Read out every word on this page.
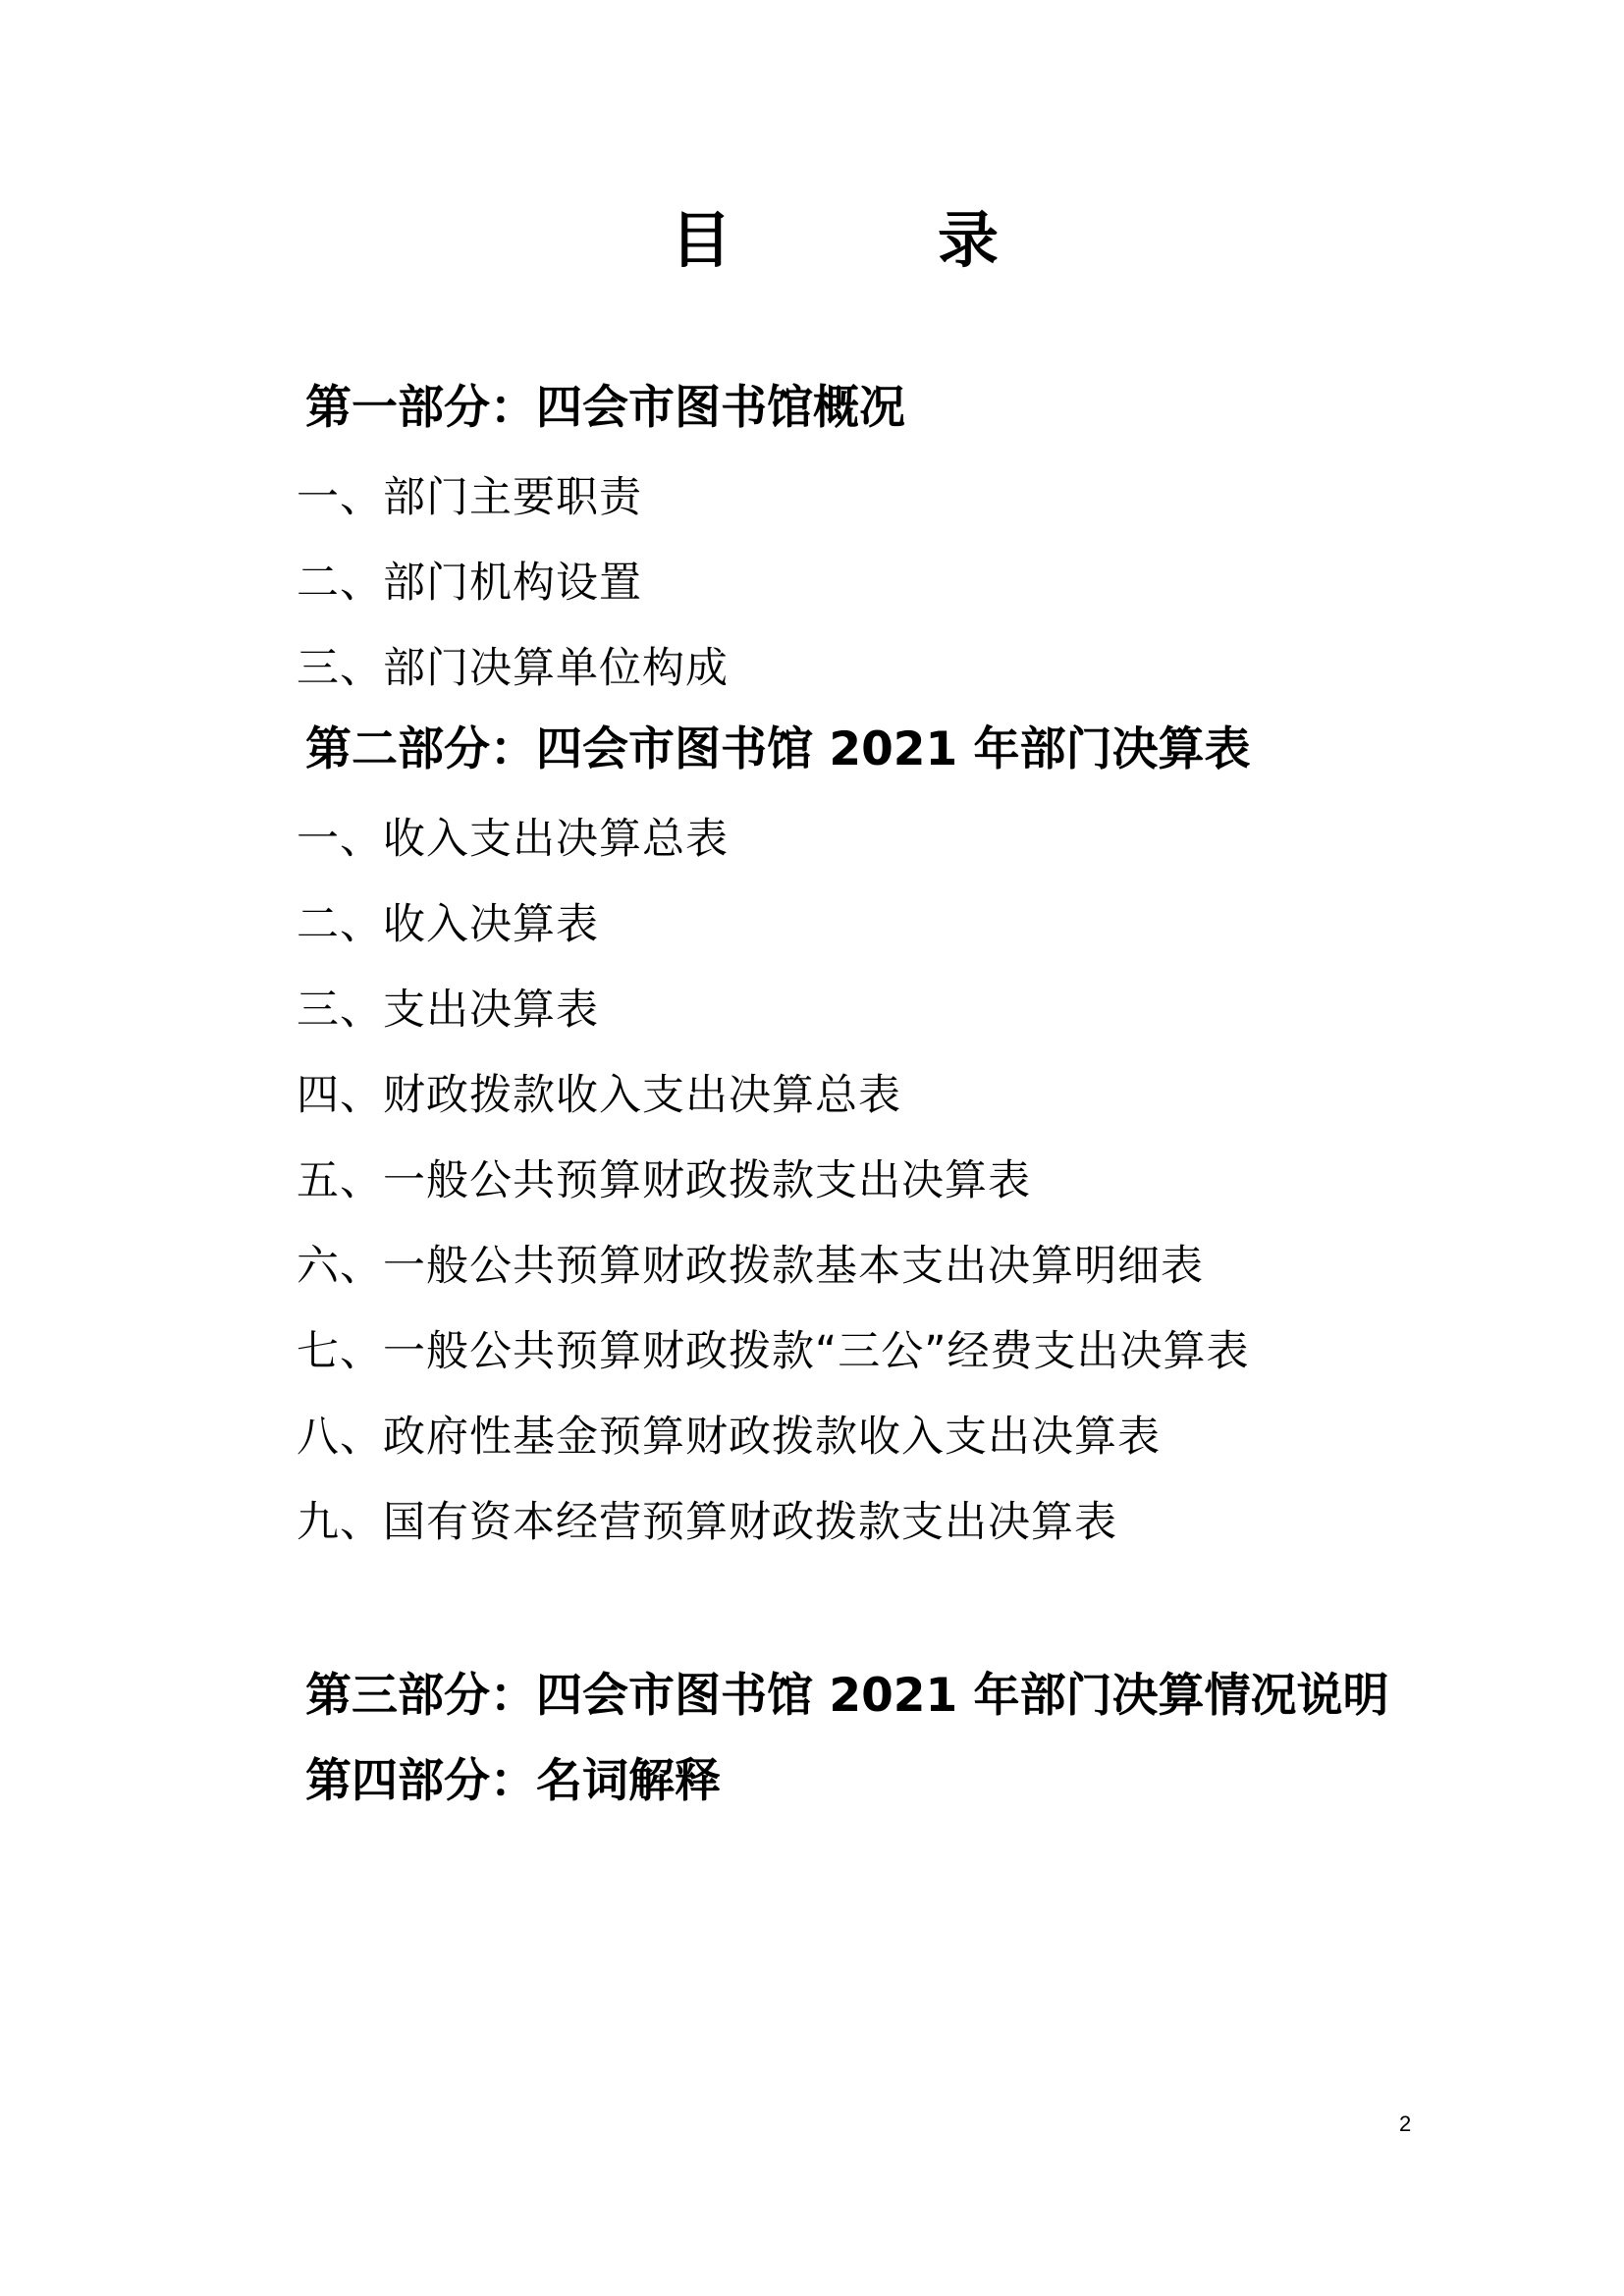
目	录
第一部分：四会市图书馆概况
一、部门主要职责
二、部门机构设置
三、部门决算单位构成
第二部分：四会市图书馆 2021 年部门决算表
一、收入支出决算总表
二、收入决算表
三、支出决算表
四、财政拨款收入支出决算总表
五、一般公共预算财政拨款支出决算表
六、一般公共预算财政拨款基本支出决算明细表
七、一般公共预算财政拨款“三公”经费支出决算表
八、政府性基金预算财政拨款收入支出决算表
九、国有资本经营预算财政拨款支出决算表
第三部分：四会市图书馆 2021 年部门决算情况说明
第四部分：名词解释
2
